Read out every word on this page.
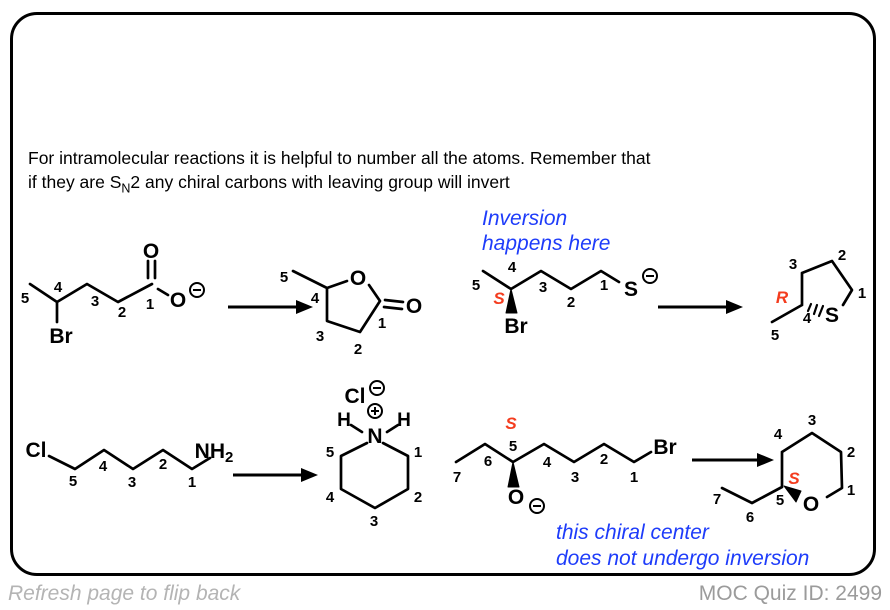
For intramolecular reactions it is helpful to number all the atoms. Remember that
if they are $S_N2$ any chiral carbons with leaving group will invert
Inversion
happens here
this chiral center
does not undergo inversion
5
4
3
2 1
Br
O
O
5
4
3
2
1
O
O
5
4
3
2
1
S
Br
S
3
2
1
4
5
R
S
Cl
5
4
3
2
1
NH2
Cl
H H
N
5	1
4	2
3
S
7
6
5
4
3
2
1
Br
O
3
4
2
1
5
6
7
S
O
Refresh page to flip back	MOC Quiz ID: 2499
